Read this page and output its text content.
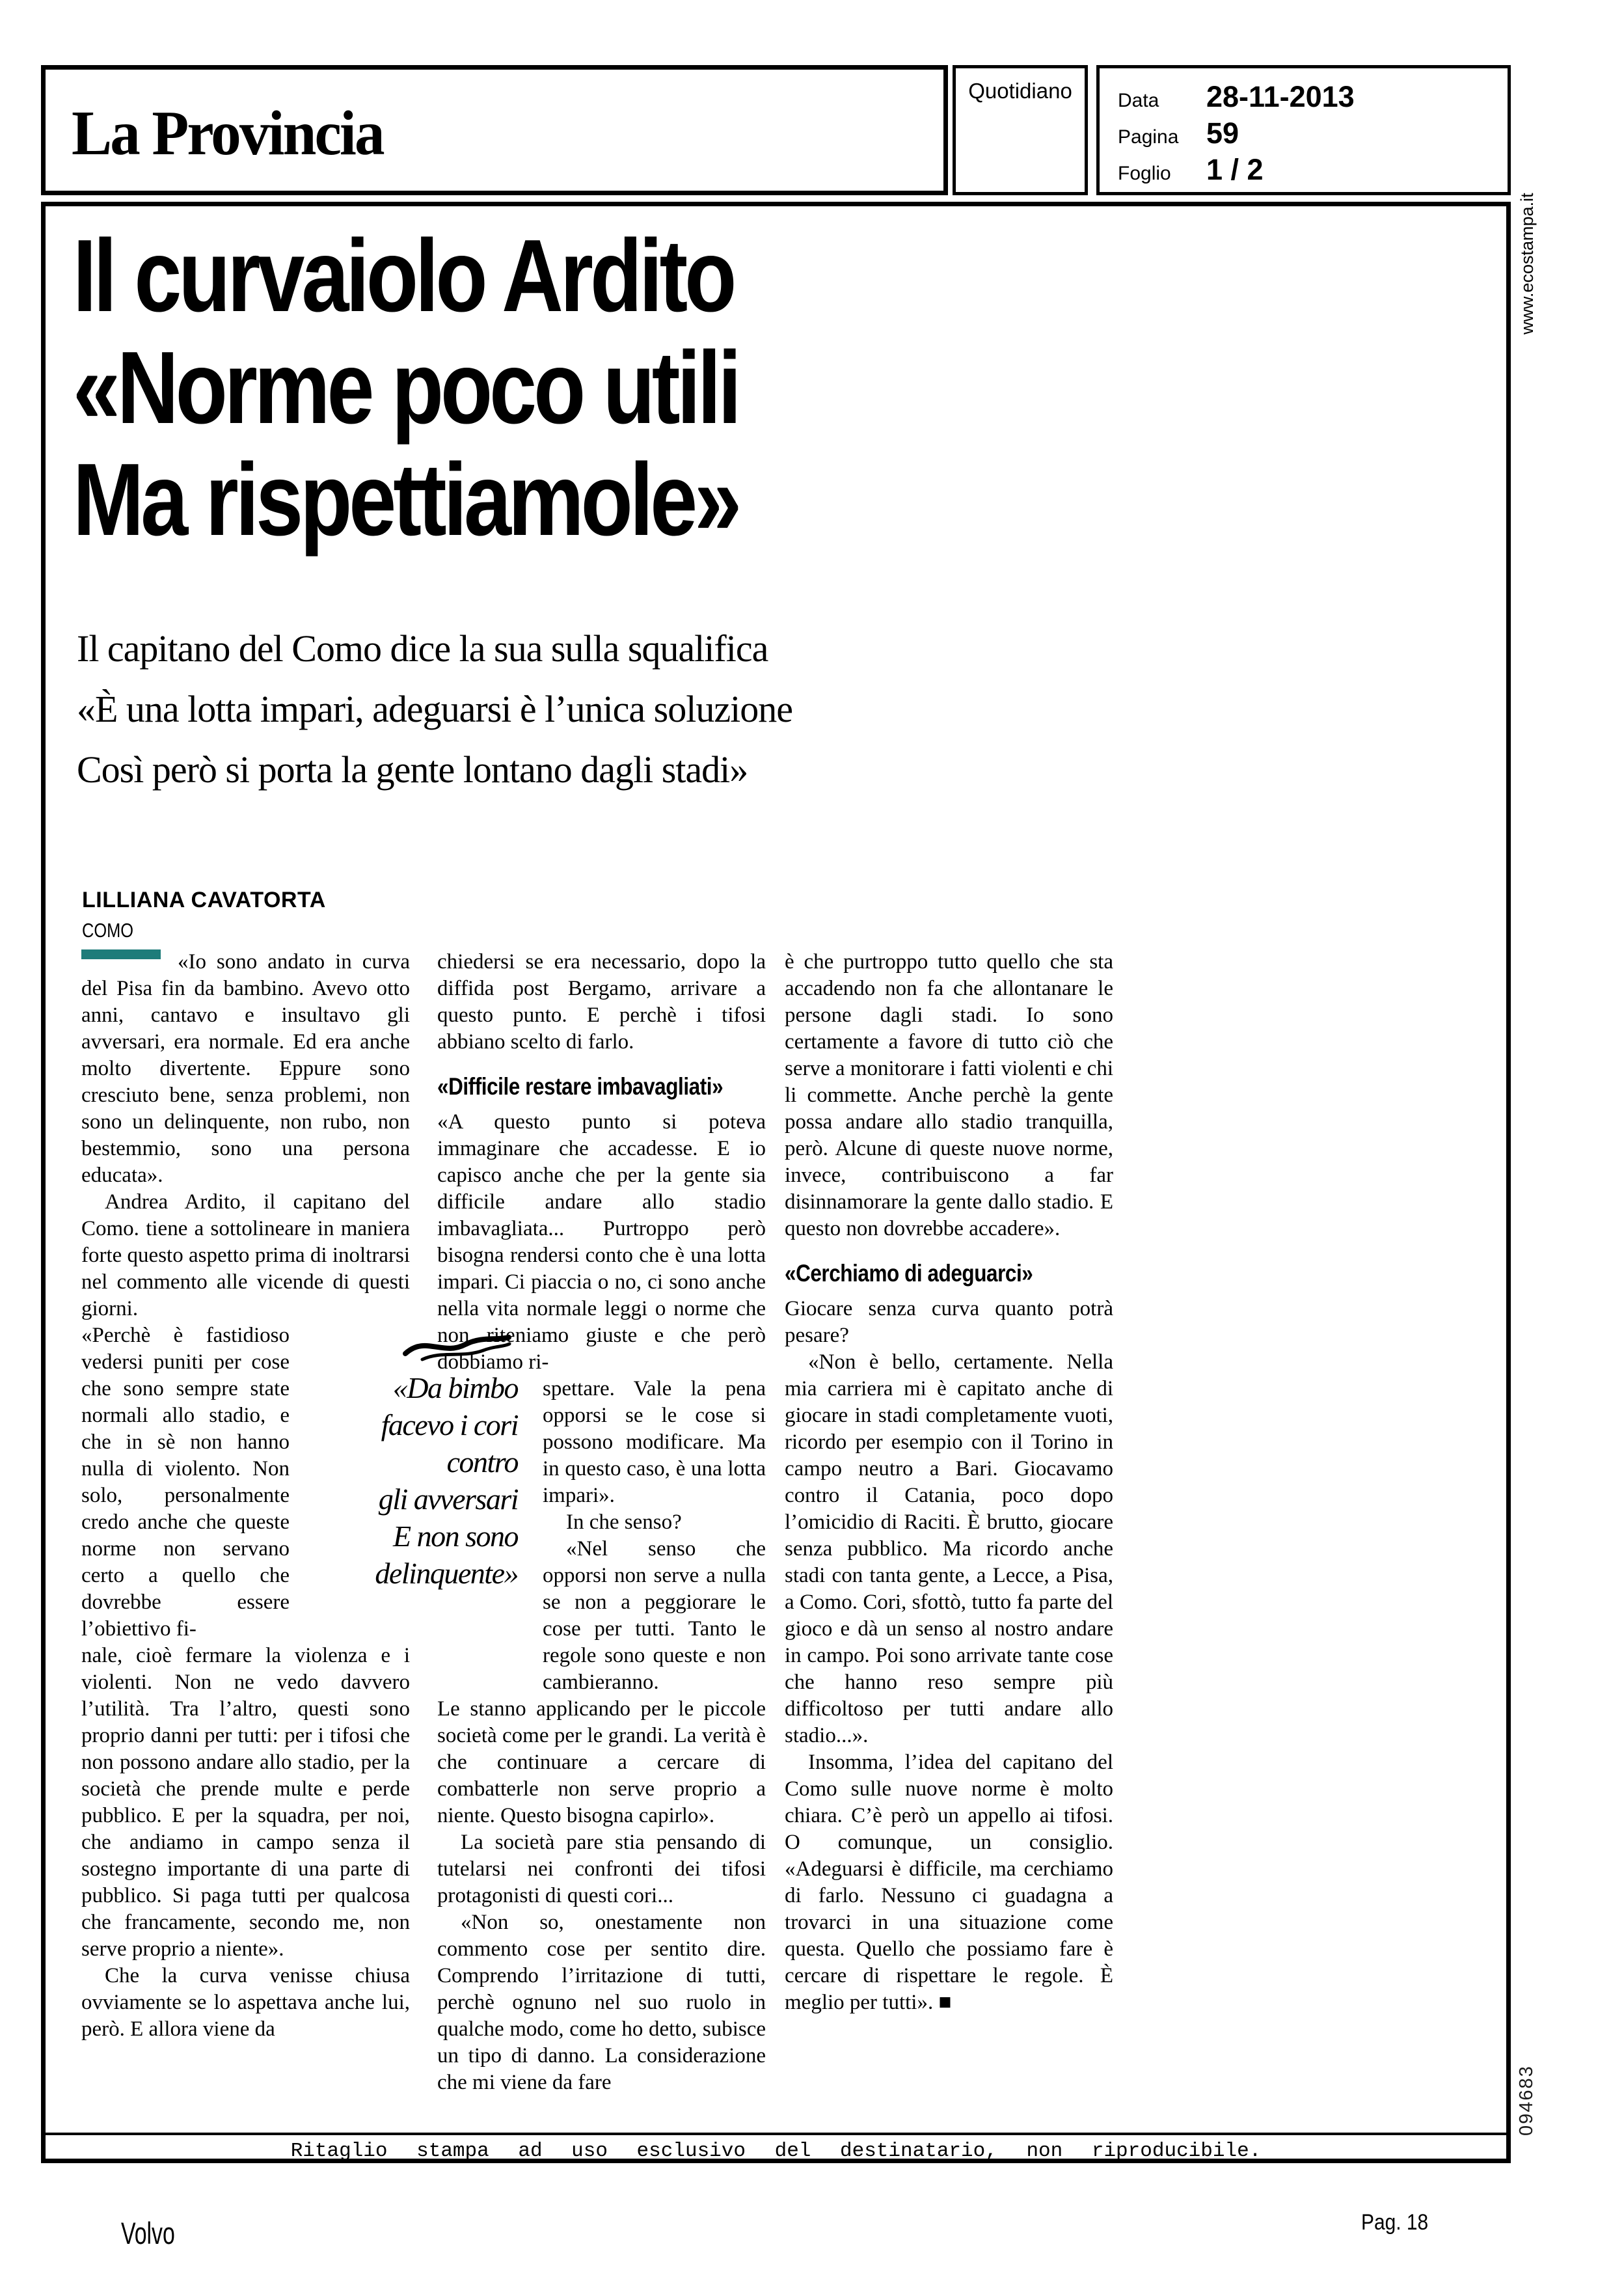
La Provincia
Quotidiano	Data 28-11-2013
Pagina 59
Foglio 1 / 2
Il curvaiolo Ardito
«Norme poco utili
Ma rispettiamole»
Il capitano del Como dice la sua sulla squalifica
«È una lotta impari, adeguarsi è l’unica soluzione
Così però si porta la gente lontano dagli stadi»
LILLIANA CAVATORTA
COMO

«Io sono andato in curva del Pisa fin da bambino. Avevo otto anni, cantavo e insultavo gli avversari, era normale. Ed era anche molto divertente. Eppure sono cresciuto bene, senza problemi, non sono un delinquente, non rubo, non bestemmio, sono una persona educata».

Andrea Ardito, il capitano del Como. tiene a sottolineare in maniera forte questo aspetto prima di inoltrarsi nel commento alle vicende di questi giorni.

«Perchè è fastidioso vedersi puniti per cose che sono sempre state normali allo stadio, e che in sè non hanno nulla di violento. Non solo, personalmente credo anche che queste norme non servano certo a quello che dovrebbe essere l’obiettivo fi-

nale, cioè fermare la violenza e i violenti. Non ne vedo davvero l’utilità. Tra l’altro, questi sono proprio danni per tutti: per i tifosi che non possono andare allo stadio, per la società che prende multe e perde pubblico. E per la squadra, per noi, che andiamo in campo senza il sostegno importante di una parte di pubblico. Si paga tutti per qualcosa che francamente, secondo me, non serve proprio a niente».

Che la curva venisse chiusa ovviamente se lo aspettava anche lui, però. E allora viene da

«Da bimbo
facevo i cori
contro
gli avversari
E non sono
delinquente»

chiedersi se era necessario, dopo la diffida post Bergamo, arrivare a questo punto. E perchè i tifosi abbiano scelto di farlo.

«Difficile restare imbavagliati»

«A questo punto si poteva immaginare che accadesse. E io capisco anche che per la gente sia difficile andare allo stadio imbavagliata... Purtroppo però bisogna rendersi conto che è una lotta impari. Ci piaccia o no, ci sono anche nella vita normale leggi o norme che non riteniamo giuste e che però dobbiamo ri-

spettare. Vale la pena opporsi se le cose si possono modificare. Ma in questo caso, è una lotta impari».

In che senso?

«Nel senso che opporsi non serve a nulla se non a peggiorare le cose per tutti. Tanto le regole sono queste e non cambieranno.

Le stanno applicando per le piccole società come per le grandi. La verità è che continuare a cercare di combatterle non serve proprio a niente. Questo bisogna capirlo».

La società pare stia pensando di tutelarsi nei confronti dei tifosi protagonisti di questi cori...

«Non so, onestamente non commento cose per sentito dire. Comprendo l’irritazione di tutti, perchè ognuno nel suo ruolo in qualche modo, come ho detto, subisce un tipo di danno. La considerazione che mi viene da fare

è che purtroppo tutto quello che sta accadendo non fa che allontanare le persone dagli stadi. Io sono certamente a favore di tutto ciò che serve a monitorare i fatti violenti e chi li commette. Anche perchè la gente possa andare allo stadio tranquilla, però. Alcune di queste nuove norme, invece, contribuiscono a far disinnamorare la gente dallo stadio. E questo non dovrebbe accadere».

«Cerchiamo di adeguarci»

Giocare senza curva quanto potrà pesare?

«Non è bello, certamente. Nella mia carriera mi è capitato anche di giocare in stadi completamente vuoti, ricordo per esempio con il Torino in campo neutro a Bari. Giocavamo contro il Catania, poco dopo l’omicidio di Raciti. È brutto, giocare senza pubblico. Ma ricordo anche stadi con tanta gente, a Lecce, a Pisa, a Como. Cori, sfottò, tutto fa parte del gioco e dà un senso al nostro andare in campo. Poi sono arrivate tante cose che hanno reso sempre più difficoltoso per tutti andare allo stadio...».

Insomma, l’idea del capitano del Como sulle nuove norme è molto chiara. C’è però un appello ai tifosi. O comunque, un consiglio. «Adeguarsi è difficile, ma cerchiamo di farlo. Nessuno ci guadagna a trovarci in una situazione come questa. Quello che possiamo fare è cercare di rispettare le regole. È meglio per tutti». ■

Ritaglio stampa ad uso esclusivo del destinatario, non riproducibile.
www.ecostampa.it
094683
Volvo	Pag. 18
